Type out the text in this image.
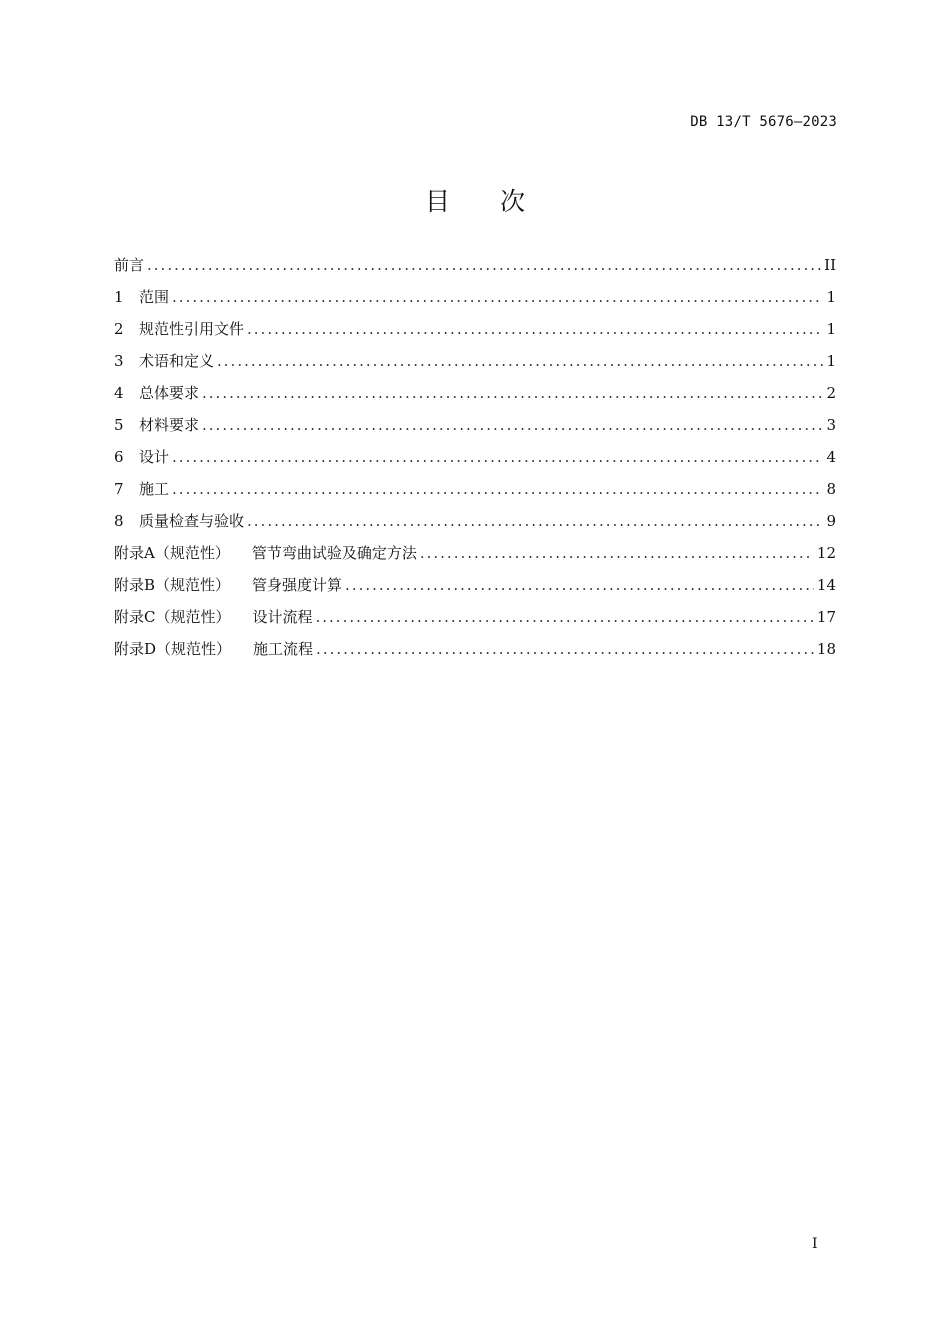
DB 13/T 5676—2023
目次
前言 .....	II
1	范围 .....	1
2	规范性引用文件 .....	1
3	术语和定义 .....	1
4	总体要求 .....	2
5	材料要求 .....	3
6	设计 .....	4
7	施工 .....	8
8	质量检查与验收 .....	9
附录A（规范性） 管节弯曲试验及确定方法 .....	12
附录B（规范性） 管身强度计算 .....	14
附录C（规范性） 设计流程 .....	17
附录D（规范性） 施工流程 .....	18
I
